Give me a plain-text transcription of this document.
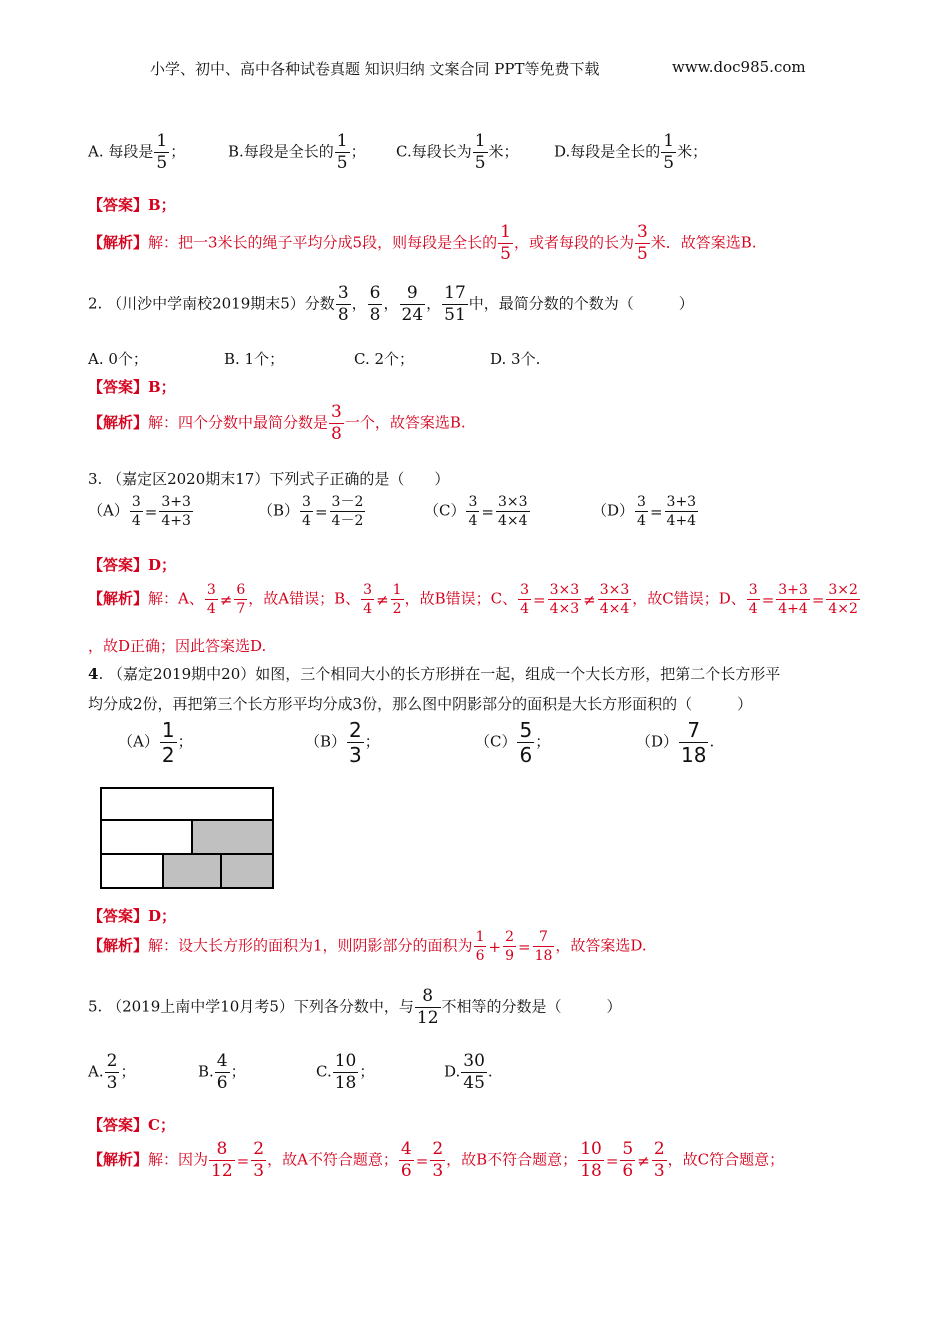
小学、初中、高中各种试卷真题 知识归纳 文案合同 PPT等免费下载	www.doc985.com
A. 每段是 $\frac{1}{5}$ ；	B.每段是全长的 $\frac{1}{5}$ ； C.每段长为 $\frac{1}{5}$ 米； D.每段是全长的 $\frac{1}{5}$ 米；
【答案】B；
【解析】解：把一3米长的绳子平均分成5段，则每段是全长的 $\frac{1}{5}$ ，或者每段的长为 $\frac{3}{5}$ 米．故答案选B.
2. （川沙中学南校2019期末5）分数 $\frac{3}{8}$ ， $\frac{6}{8}$ ， $\frac{9}{24}$ ， $\frac{17}{51}$ 中，最简分数的个数为（　　　）
A. 0个；	B. 1个；	C. 2个；	D. 3个.
【答案】B；
【解析】解：四个分数中最简分数是 $\frac{3}{8}$ 一个，故答案选B.
3. （嘉定区2020期末17）下列式子正确的是（　　）
$(A) \frac{3}{4} = \frac{3+3}{4+3}$	$(B) \frac{3}{4} = \frac{3-2}{4-2}$	$(C) \frac{3}{4} = \frac{3\times 3}{4\times 4}$	$(D) \frac{3}{4} = \frac{3+3}{4+4}$
【答案】D；
【解析】解：A、 $\frac{3}{4} \ne \frac{6}{7}$ ，故A错误；B、 $\frac{3}{4} \ne \frac{1}{2}$ ，故B错误；C、 $\frac{3}{4} = \frac{3\times 3}{4\times 3} \ne \frac{3\times 3}{4\times 4}$ ，故C错误；D、 $\frac{3}{4} = \frac{3+3}{4+4} = \frac{3\times 2}{4\times 2}$
，故D正确；因此答案选D.
4. （嘉定2019期中20）如图，三个相同大小的长方形拼在一起，组成一个大长方形，把第二个长方形平
均分成2份，再把第三个长方形平均分成3份，那么图中阴影部分的面积是大长方形面积的（　　　）
$(A) \frac{1}{2}$ ；	$(B) \frac{2}{3}$ ；	$(C) \frac{5}{6}$ ；	$(D) \frac{7}{18}$ .
【答案】D；
【解析】解：设大长方形的面积为1，则阴影部分的面积为 $\frac{1}{6} + \frac{2}{9} = \frac{7}{18}$ ，故答案选D.
5. （2019上南中学10月考5）下列各分数中，与 $\frac{8}{12}$ 不相等的分数是（　　　）
A. $\frac{2}{3}$ ；	B. $\frac{4}{6}$ ；	C. $\frac{10}{18}$ ；	D. $\frac{30}{45}$ .
【答案】C；
【解析】解：因为 $\frac{8}{12} = \frac{2}{3}$ ，故A不符合题意； $\frac{4}{6} = \frac{2}{3}$ ，故B不符合题意； $\frac{10}{18} = \frac{5}{6} \ne \frac{2}{3}$ ，故C符合题意；
